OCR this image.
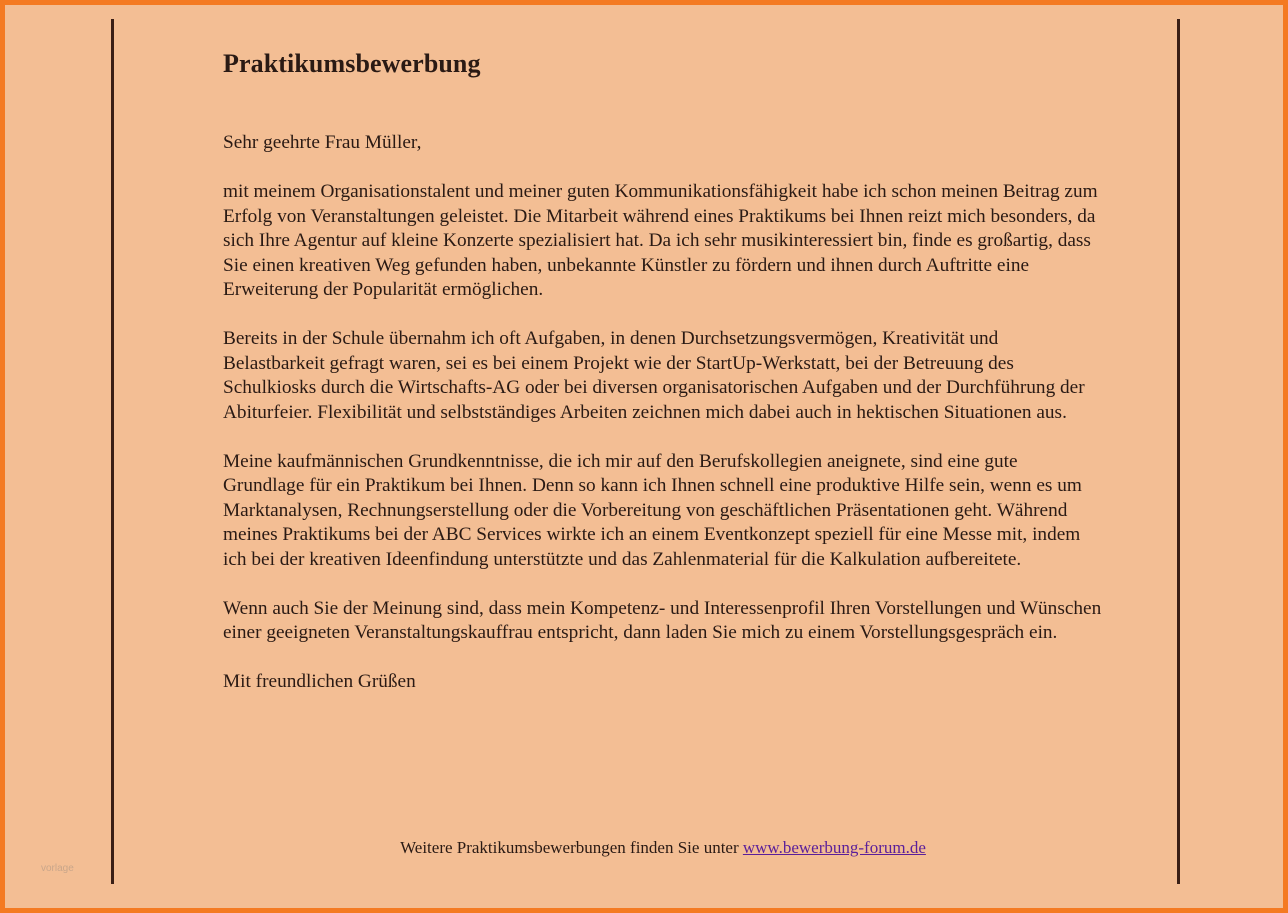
vorlage
Praktikumsbewerbung

Sehr geehrte Frau Müller,

mit meinem Organisationstalent und meiner guten Kommunikationsfähigkeit habe ich schon meinen Beitrag zum Erfolg von Veranstaltungen geleistet. Die Mitarbeit während eines Praktikums bei Ihnen reizt mich besonders, da sich Ihre Agentur auf kleine Konzerte spezialisiert hat. Da ich sehr musikinteressiert bin, finde es großartig, dass Sie einen kreativen Weg gefunden haben, unbekannte Künstler zu fördern und ihnen durch Auftritte eine Erweiterung der Popularität ermöglichen.

Bereits in der Schule übernahm ich oft Aufgaben, in denen Durchsetzungsvermögen, Kreativität und Belastbarkeit gefragt waren, sei es bei einem Projekt wie der StartUp-Werkstatt, bei der Betreuung des Schulkiosks durch die Wirtschafts-AG oder bei diversen organisatorischen Aufgaben und der Durchführung der Abiturfeier. Flexibilität und selbstständiges Arbeiten zeichnen mich dabei auch in hektischen Situationen aus.

Meine kaufmännischen Grundkenntnisse, die ich mir auf den Berufskollegien aneignete, sind eine gute Grundlage für ein Praktikum bei Ihnen. Denn so kann ich Ihnen schnell eine produktive Hilfe sein, wenn es um Marktanalysen, Rechnungserstellung oder die Vorbereitung von geschäftlichen Präsentationen geht. Während meines Praktikums bei der ABC Services wirkte ich an einem Eventkonzept speziell für eine Messe mit, indem ich bei der kreativen Ideenfindung unterstützte und das Zahlenmaterial für die Kalkulation aufbereitete.

Wenn auch Sie der Meinung sind, dass mein Kompetenz- und Interessenprofil Ihren Vorstellungen und Wünschen einer geeigneten Veranstaltungskauffrau entspricht, dann laden Sie mich zu einem Vorstellungsgespräch ein.

Mit freundlichen Grüßen

Weitere Praktikumsbewerbungen finden Sie unter www.bewerbung-forum.de
